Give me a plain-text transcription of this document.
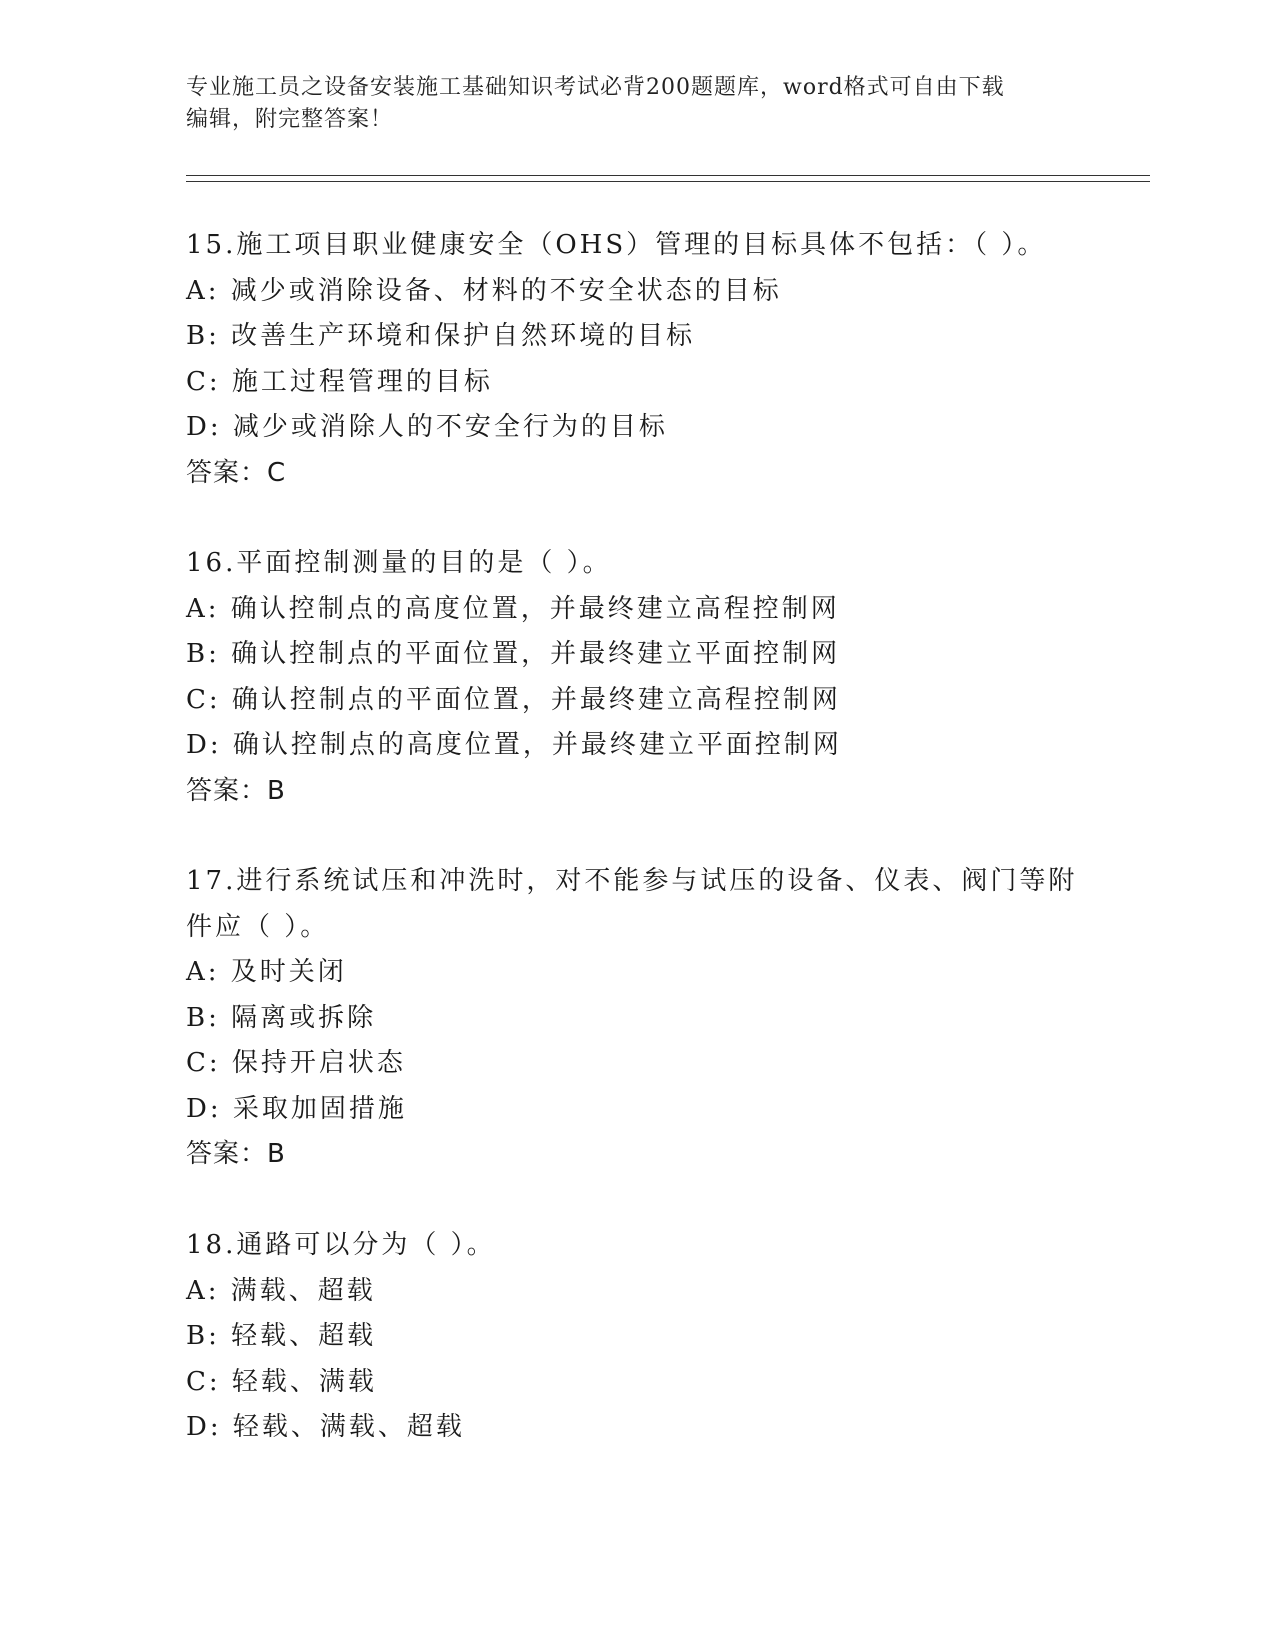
专业施工员之设备安装施工基础知识考试必背200题题库，word格式可自由下载
编辑，附完整答案！
15.施工项目职业健康安全（OHS）管理的目标具体不包括：（ ）。
A: 减少或消除设备、材料的不安全状态的目标
B: 改善生产环境和保护自然环境的目标
C: 施工过程管理的目标
D: 减少或消除人的不安全行为的目标
答案：C
16.平面控制测量的目的是（ ）。
A: 确认控制点的高度位置，并最终建立高程控制网
B: 确认控制点的平面位置，并最终建立平面控制网
C: 确认控制点的平面位置，并最终建立高程控制网
D: 确认控制点的高度位置，并最终建立平面控制网
答案：B
17.进行系统试压和冲洗时，对不能参与试压的设备、仪表、阀门等附
件应（ ）。
A: 及时关闭
B: 隔离或拆除
C: 保持开启状态
D: 采取加固措施
答案：B
18.通路可以分为（ ）。
A: 满载、超载
B: 轻载、超载
C: 轻载、满载
D: 轻载、满载、超载
